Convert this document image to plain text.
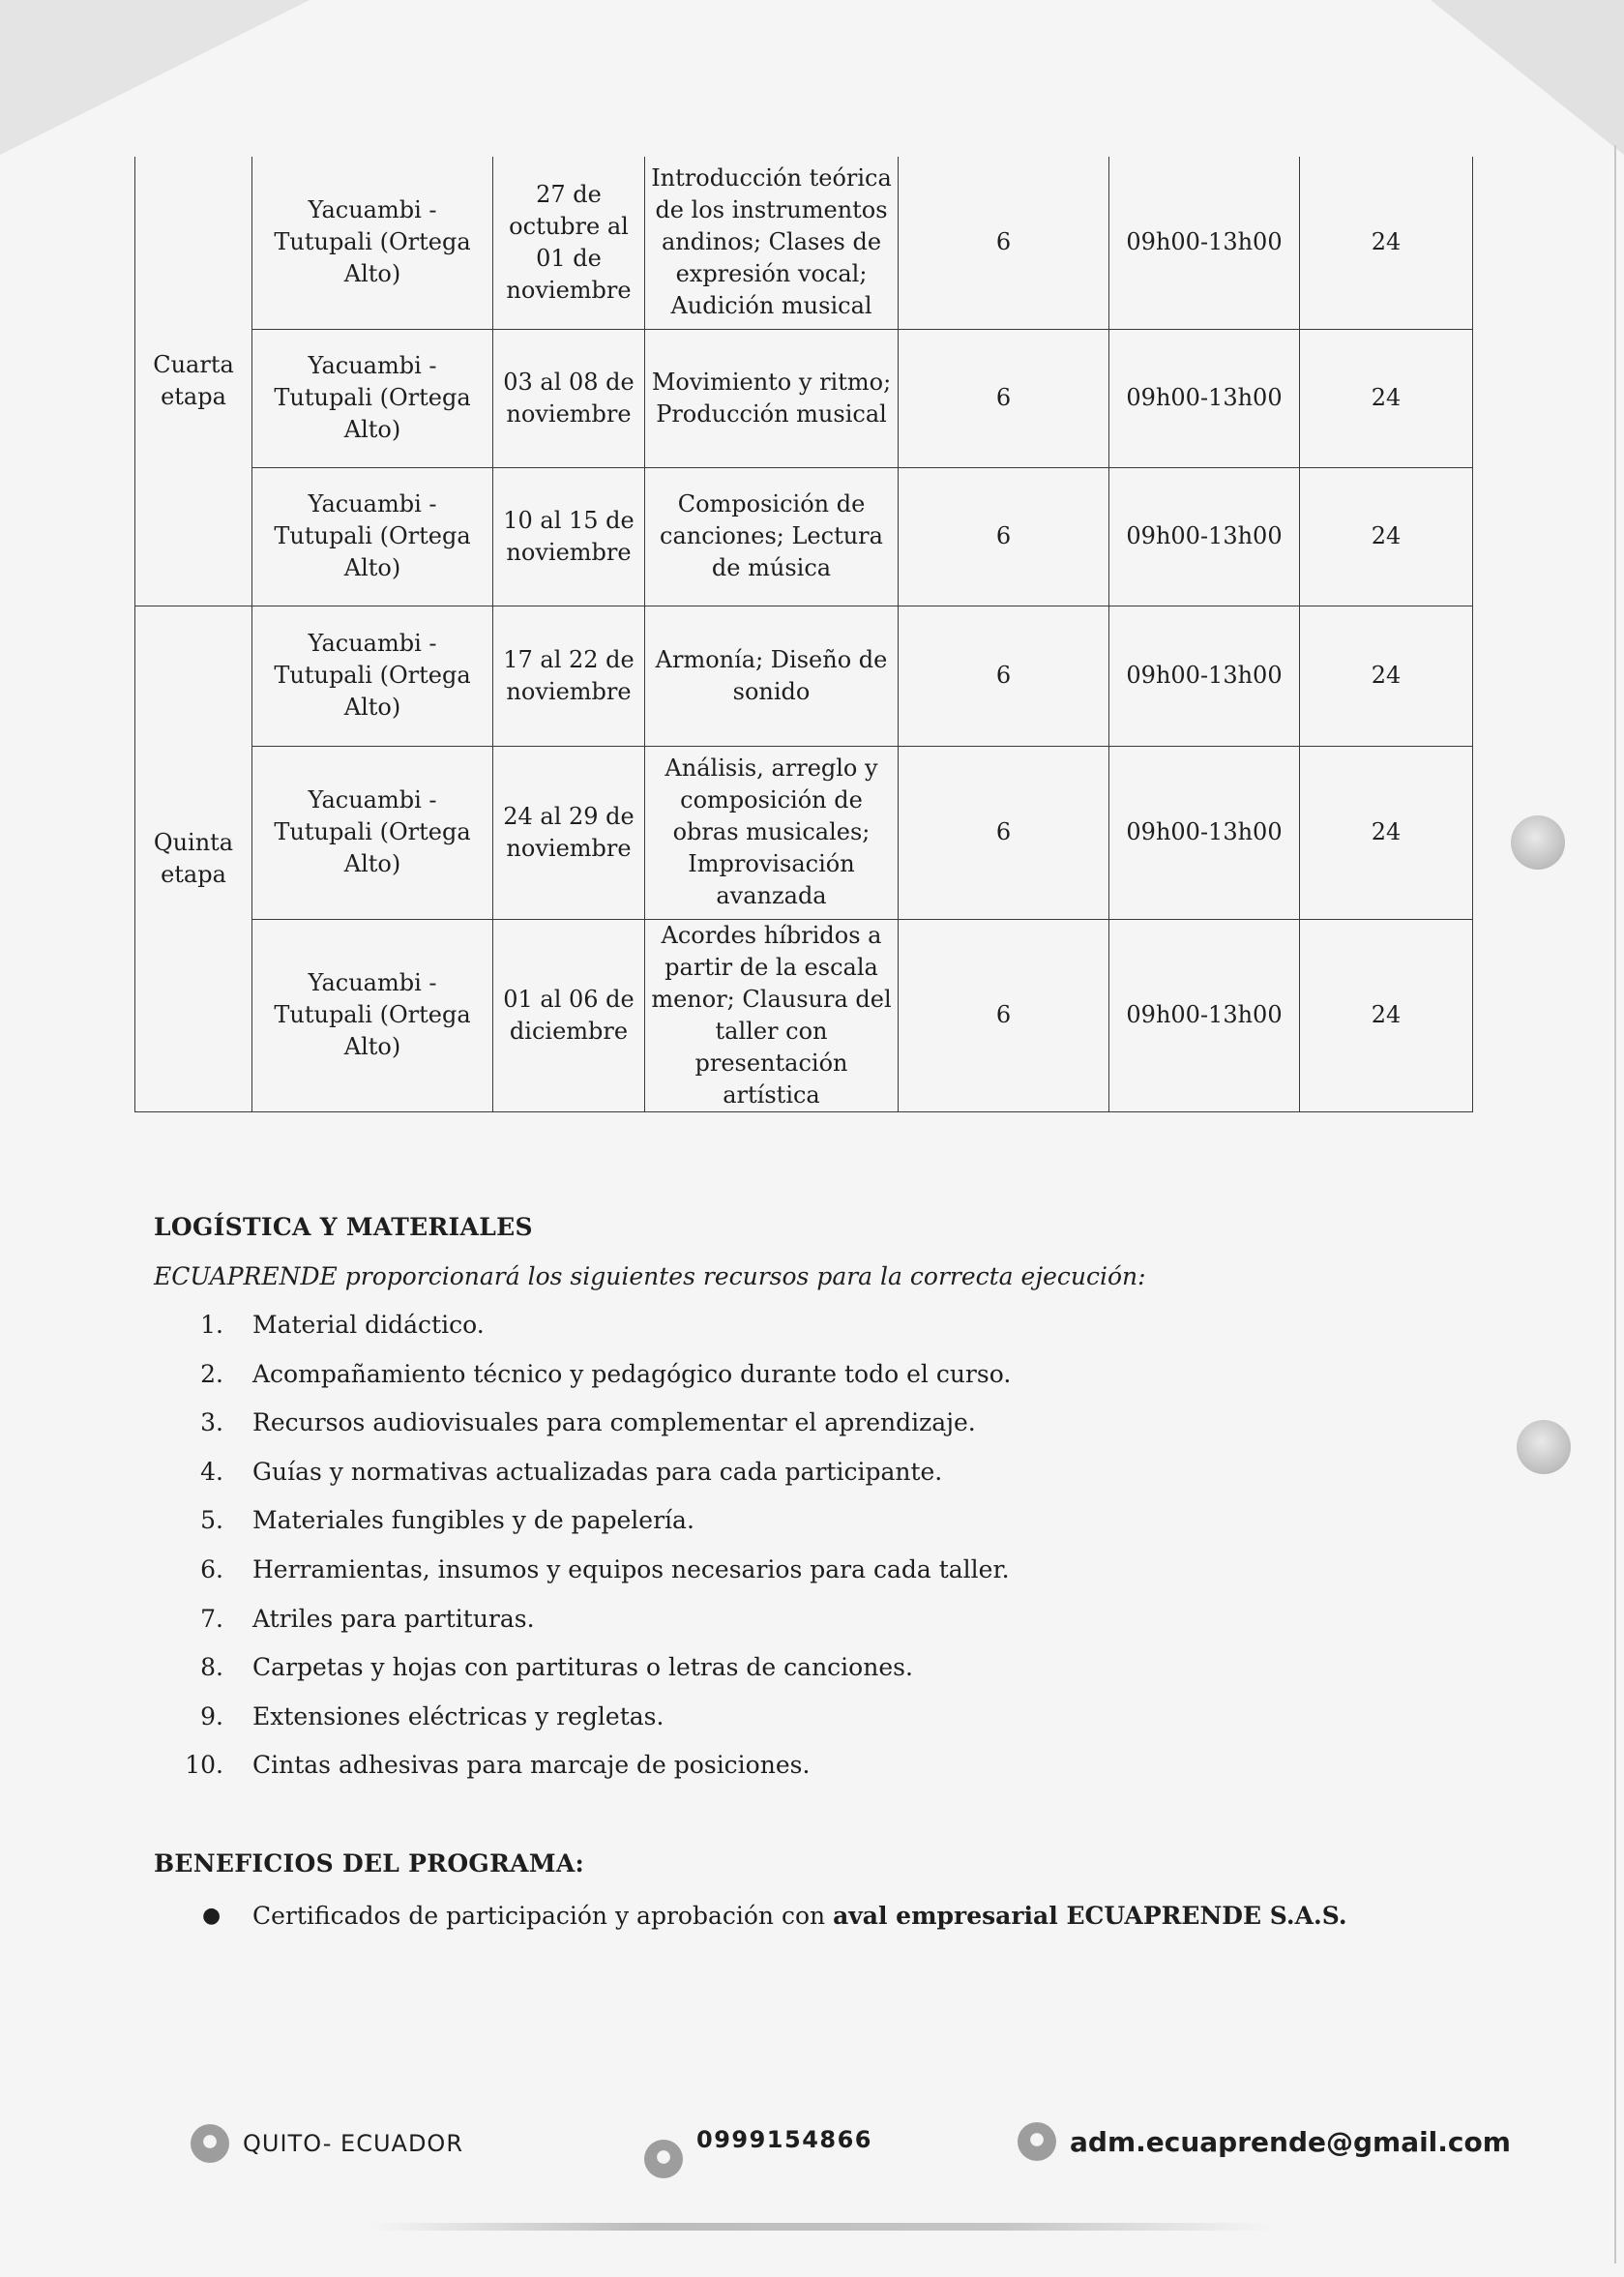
Cuarta etapa	Yacuambi - Tutupali (Ortega Alto)	27 de octubre al 01 de noviembre	Introducción teórica de los instrumentos andinos; Clases de expresión vocal; Audición musical	6	09h00-13h00	24
	Yacuambi - Tutupali (Ortega Alto)	03 al 08 de noviembre	Movimiento y ritmo; Producción musical	6	09h00-13h00	24
	Yacuambi - Tutupali (Ortega Alto)	10 al 15 de noviembre	Composición de canciones; Lectura de música	6	09h00-13h00	24
Quinta etapa	Yacuambi - Tutupali (Ortega Alto)	17 al 22 de noviembre	Armonía; Diseño de sonido	6	09h00-13h00	24
	Yacuambi - Tutupali (Ortega Alto)	24 al 29 de noviembre	Análisis, arreglo y composición de obras musicales; Improvisación avanzada	6	09h00-13h00	24
	Yacuambi - Tutupali (Ortega Alto)	01 al 06 de diciembre	Acordes híbridos a partir de la escala menor; Clausura del taller con presentación artística	6	09h00-13h00	24
LOGÍSTICA Y MATERIALES
ECUAPRENDE proporcionará los siguientes recursos para la correcta ejecución:
1. Material didáctico.
2. Acompañamiento técnico y pedagógico durante todo el curso.
3. Recursos audiovisuales para complementar el aprendizaje.
4. Guías y normativas actualizadas para cada participante.
5. Materiales fungibles y de papelería.
6. Herramientas, insumos y equipos necesarios para cada taller.
7. Atriles para partituras.
8. Carpetas y hojas con partituras o letras de canciones.
9. Extensiones eléctricas y regletas.
10. Cintas adhesivas para marcaje de posiciones.
BENEFICIOS DEL PROGRAMA:
● Certificados de participación y aprobación con aval empresarial ECUAPRENDE S.A.S.
QUITO- ECUADOR	0999154866	adm.ecuaprende@gmail.com
